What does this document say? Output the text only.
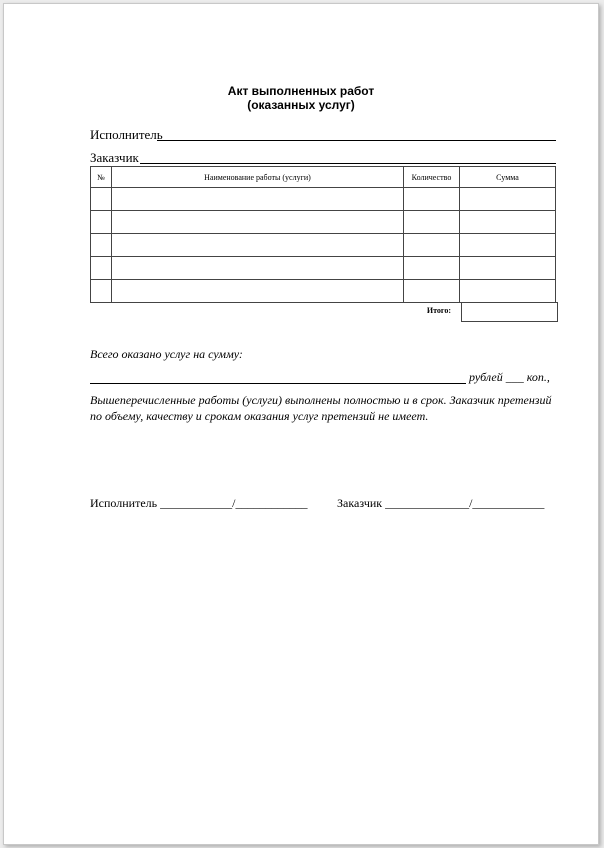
Акт выполненных работ
(оказанных услуг)
Исполнитель
Заказчик
№	Наименование работы (услуги)	Количество	Сумма

Итого:
Всего оказано услуг на сумму:
рублей ___ коп.,
Вышеперечисленные работы (услуги) выполнены полностью и в срок. Заказчик претензий
по объему, качеству и срокам оказания услуг претензий не имеет.
Исполнитель ____________/____________ Заказчик ______________/____________
